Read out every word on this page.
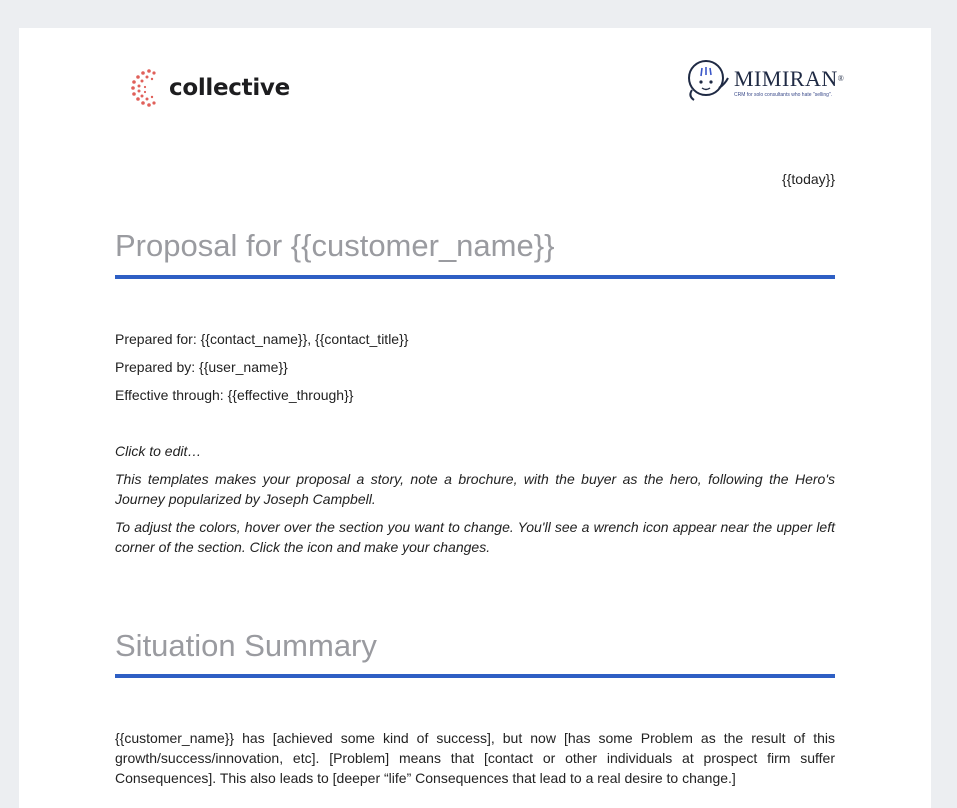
collective	MIMIRAN®
CRM for solo consultants who hate "selling".
{{today}}
Proposal for {{customer_name}}
Prepared for: {{contact_name}}, {{contact_title}}
Prepared by: {{user_name}}
Effective through: {{effective_through}}

Click to edit…

This templates makes your proposal a story, note a brochure, with the buyer as the hero, following the Hero's Journey popularized by Joseph Campbell.

To adjust the colors, hover over the section you want to change. You'll see a wrench icon appear near the upper left corner of the section. Click the icon and make your changes.

Situation Summary

{{customer_name}} has [achieved some kind of success], but now [has some Problem as the result of this growth/success/innovation, etc]. [Problem] means that [contact or other individuals at prospect firm suffer Consequences]. This also leads to [deeper “life” Consequences that lead to a real desire to change.]
